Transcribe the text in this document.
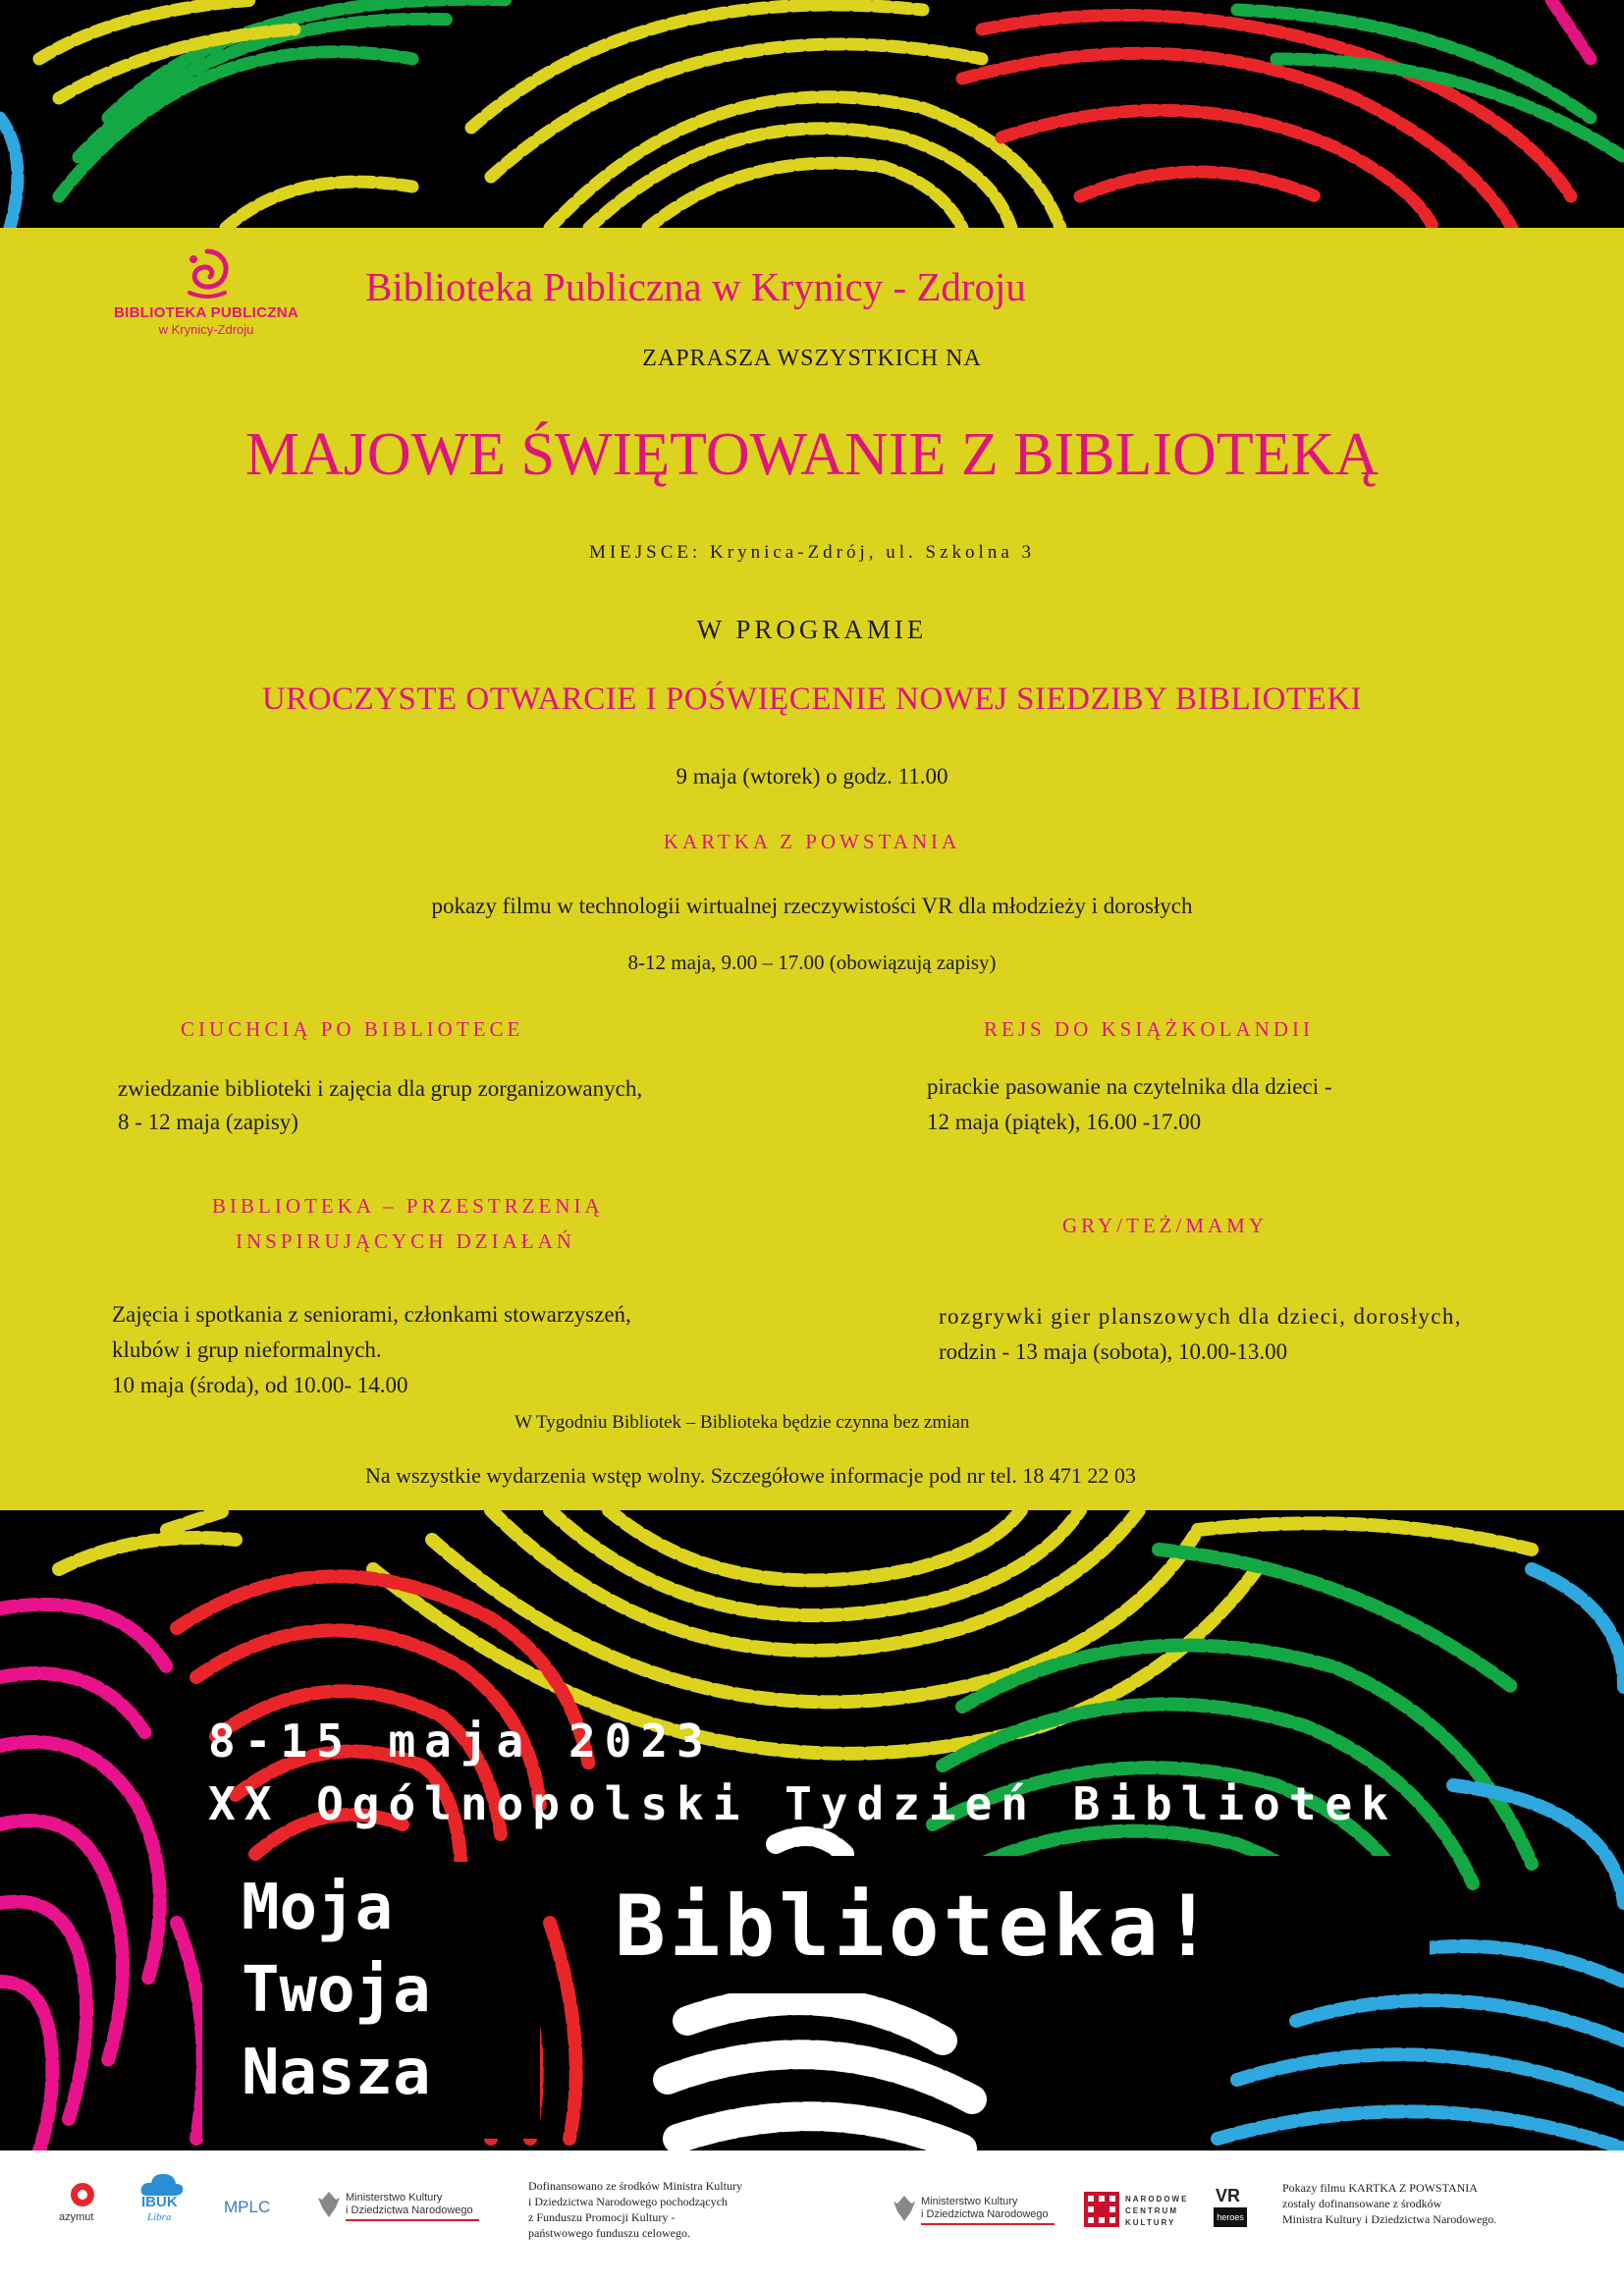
BIBLIOTEKA PUBLICZNA
w Krynicy-Zdroju
Biblioteka Publiczna w Krynicy - Zdroju
ZAPRASZA WSZYSTKICH NA
MAJOWE ŚWIĘTOWANIE Z BIBLIOTEKĄ
MIEJSCE: Krynica-Zdrój, ul. Szkolna 3
W PROGRAMIE
UROCZYSTE OTWARCIE I POŚWIĘCENIE NOWEJ SIEDZIBY BIBLIOTEKI
9 maja (wtorek) o godz. 11.00
KARTKA Z POWSTANIA
pokazy filmu w technologii wirtualnej rzeczywistości VR dla młodzieży i dorosłych
8-12 maja, 9.00 – 17.00 (obowiązują zapisy)
CIUCHCIĄ PO BIBLIOTECE
zwiedzanie biblioteki i zajęcia dla grup zorganizowanych,
8 - 12 maja (zapisy)
BIBLIOTEKA – PRZESTRZENIĄ
INSPIRUJĄCYCH DZIAŁAŃ
Zajęcia i spotkania z seniorami, członkami stowarzyszeń,
klubów i grup nieformalnych.
10 maja (środa), od 10.00- 14.00
REJS DO KSIĄŻKOLANDII
pirackie pasowanie na czytelnika dla dzieci -
12 maja (piątek), 16.00 -17.00
GRY/TEŻ/MAMY
rozgrywki gier planszowych dla dzieci, dorosłych,
rodzin - 13 maja (sobota), 10.00-13.00
W Tygodniu Bibliotek – Biblioteka będzie czynna bez zmian
Na wszystkie wydarzenia wstęp wolny. Szczegółowe informacje pod nr tel. 18 471 22 03
8-15 maja 2023
XX Ogólnopolski Tydzień Bibliotek
Moja
Twoja
Nasza
Biblioteka!
azymut
IBUK
Libra
MPLC	Ministerstwo Kultury
i Dziedzictwa Narodowego
Dofinansowano ze środków Ministra Kultury
i Dziedzictwa Narodowego pochodzących
z Funduszu Promocji Kultury -
państwowego funduszu celowego.
Ministerstwo Kultury
i Dziedzictwa Narodowego
NARODOWE
CENTRUM
KULTURY
VR
heroes
Pokazy filmu KARTKA Z POWSTANIA
zostały dofinansowane z środków
Ministra Kultury i Dziedzictwa Narodowego.
